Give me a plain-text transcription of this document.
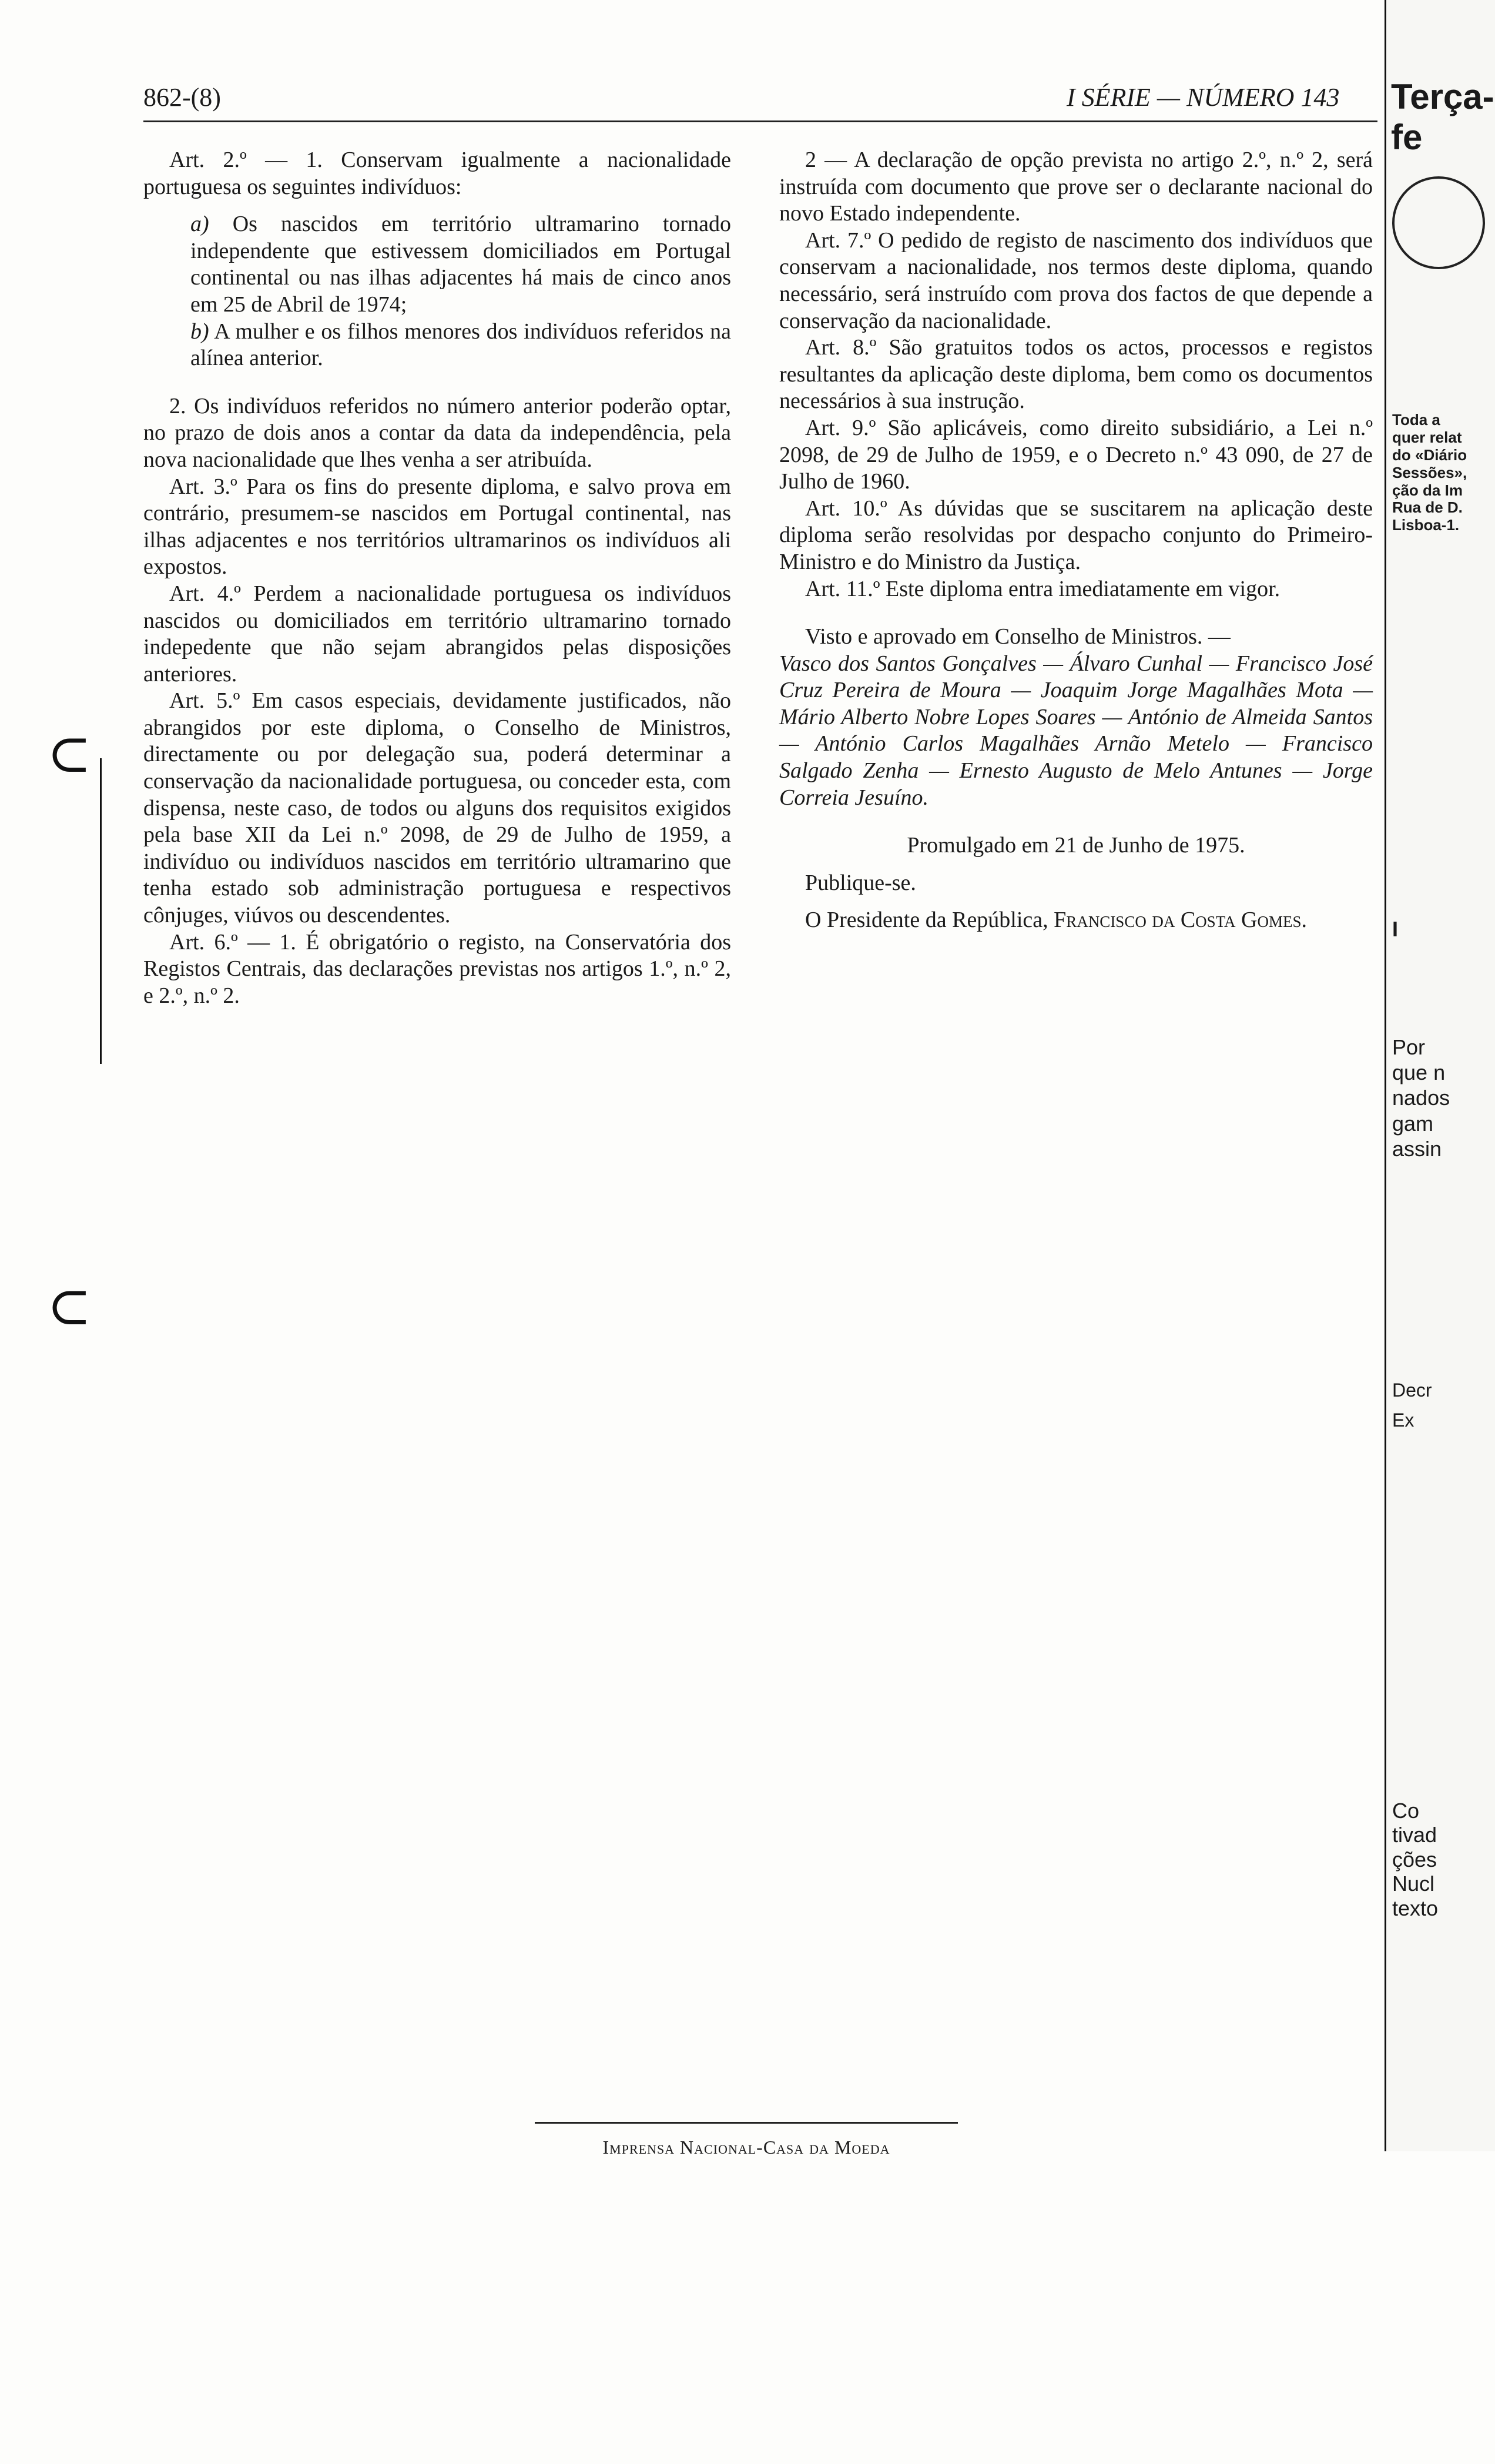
862-(8)	I SÉRIE — NÚMERO 143

Art. 2.º — 1. Conservam igualmente a nacionalidade portuguesa os seguintes indivíduos:

a) Os nascidos em território ultramarino tornado independente que estivessem domiciliados em Portugal continental ou nas ilhas adjacentes há mais de cinco anos em 25 de Abril de 1974;

b) A mulher e os filhos menores dos indivíduos referidos na alínea anterior.

2. Os indivíduos referidos no número anterior poderão optar, no prazo de dois anos a contar da data da independência, pela nova nacionalidade que lhes venha a ser atribuída.

Art. 3.º Para os fins do presente diploma, e salvo prova em contrário, presumem-se nascidos em Portugal continental, nas ilhas adjacentes e nos territórios ultramarinos os indivíduos ali expostos.

Art. 4.º Perdem a nacionalidade portuguesa os indivíduos nascidos ou domiciliados em território ultramarino tornado indepedente que não sejam abrangidos pelas disposições anteriores.

Art. 5.º Em casos especiais, devidamente justificados, não abrangidos por este diploma, o Conselho de Ministros, directamente ou por delegação sua, poderá determinar a conservação da nacionalidade portuguesa, ou conceder esta, com dispensa, neste caso, de todos ou alguns dos requisitos exigidos pela base XII da Lei n.º 2098, de 29 de Julho de 1959, a indivíduo ou indivíduos nascidos em território ultramarino que tenha estado sob administração portuguesa e respectivos cônjuges, viúvos ou descendentes.

Art. 6.º — 1. É obrigatório o registo, na Conservatória dos Registos Centrais, das declarações previstas nos artigos 1.º, n.º 2, e 2.º, n.º 2.

2 — A declaração de opção prevista no artigo 2.º, n.º 2, será instruída com documento que prove ser o declarante nacional do novo Estado independente.

Art. 7.º O pedido de registo de nascimento dos indivíduos que conservam a nacionalidade, nos termos deste diploma, quando necessário, será instruído com prova dos factos de que depende a conservação da nacionalidade.

Art. 8.º São gratuitos todos os actos, processos e registos resultantes da aplicação deste diploma, bem como os documentos necessários à sua instrução.

Art. 9.º São aplicáveis, como direito subsidiário, a Lei n.º 2098, de 29 de Julho de 1959, e o Decreto n.º 43 090, de 27 de Julho de 1960.

Art. 10.º As dúvidas que se suscitarem na aplicação deste diploma serão resolvidas por despacho conjunto do Primeiro-Ministro e do Ministro da Justiça.

Art. 11.º Este diploma entra imediatamente em vigor.

Visto e aprovado em Conselho de Ministros. —

Vasco dos Santos Gonçalves — Álvaro Cunhal — Francisco José Cruz Pereira de Moura — Joaquim Jorge Magalhães Mota — Mário Alberto Nobre Lopes Soares — António de Almeida Santos — António Carlos Magalhães Arnão Metelo — Francisco Salgado Zenha — Ernesto Augusto de Melo Antunes — Jorge Correia Jesuíno.

Promulgado em 21 de Junho de 1975.

Publique-se.

O Presidente da República, Francisco da Costa Gomes.

Imprensa Nacional-Casa da Moeda
⊂
⊂
Terça-fe
Toda a
quer relat
do «Diário
Sessões»,
ção da Im
Rua de D.
Lisboa-1.
I
Por
que n
nados
gam
assin
Decr
Ex
Co
tivad
ções
Nucl
texto
